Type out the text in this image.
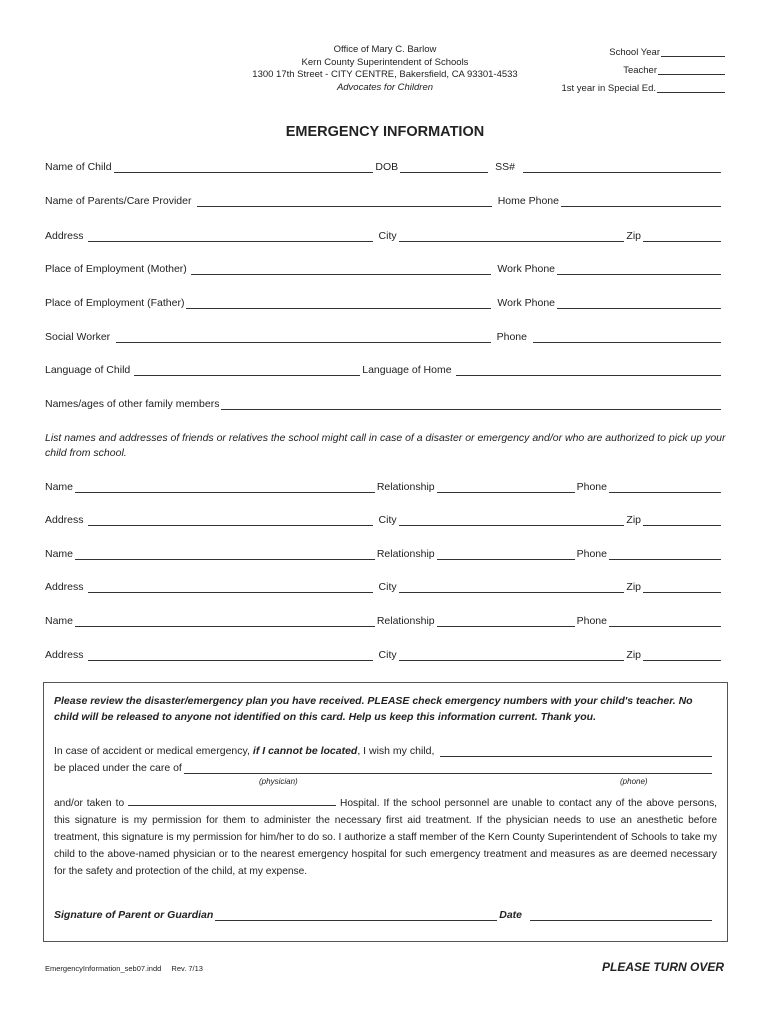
Office of Mary C. Barlow
Kern County Superintendent of Schools
1300 17th Street - CITY CENTRE, Bakersfield, CA 93301-4533
Advocates for Children
School Year
Teacher
1st year in Special Ed.
EMERGENCY INFORMATION
Name of Child	DOB	SS#
Name of Parents/Care Provider	Home Phone
Address	City	Zip
Place of Employment (Mother)	Work Phone
Place of Employment (Father)	Work Phone
Social Worker	Phone
Language of Child	Language of Home
Names/ages of other family members
List names and addresses of friends or relatives the school might call in case of a disaster or emergency and/or who are authorized to pick up your child from school.
Name	Relationship	Phone
Address	City	Zip
Name	Relationship	Phone
Address	City	Zip
Name	Relationship	Phone
Address	City	Zip
Please review the disaster/emergency plan you have received. PLEASE check emergency numbers with your child's teacher. No child will be released to anyone not identified on this card. Help us keep this information current. Thank you.
In case of accident or medical emergency, if I cannot be located , I wish my child,
be placed under the care of
(physician)	(phone)
and/or taken to	Hospital. If the school personnel are unable to contact any of the above persons, this signature is my permission for them to administer the necessary first aid treatment. If the physician needs to use an anesthetic before treatment, this signature is my permission for him/her to do so. I authorize a staff member of the Kern County Superintendent of Schools to take my child to the above-named physician or to the nearest emergency hospital for such emergency treatment and measures as are deemed necessary for the safety and protection of the child, at my expense.
Signature of Parent or Guardian	Date
EmergencyInformation_seb07.indd Rev. 7/13	PLEASE TURN OVER
